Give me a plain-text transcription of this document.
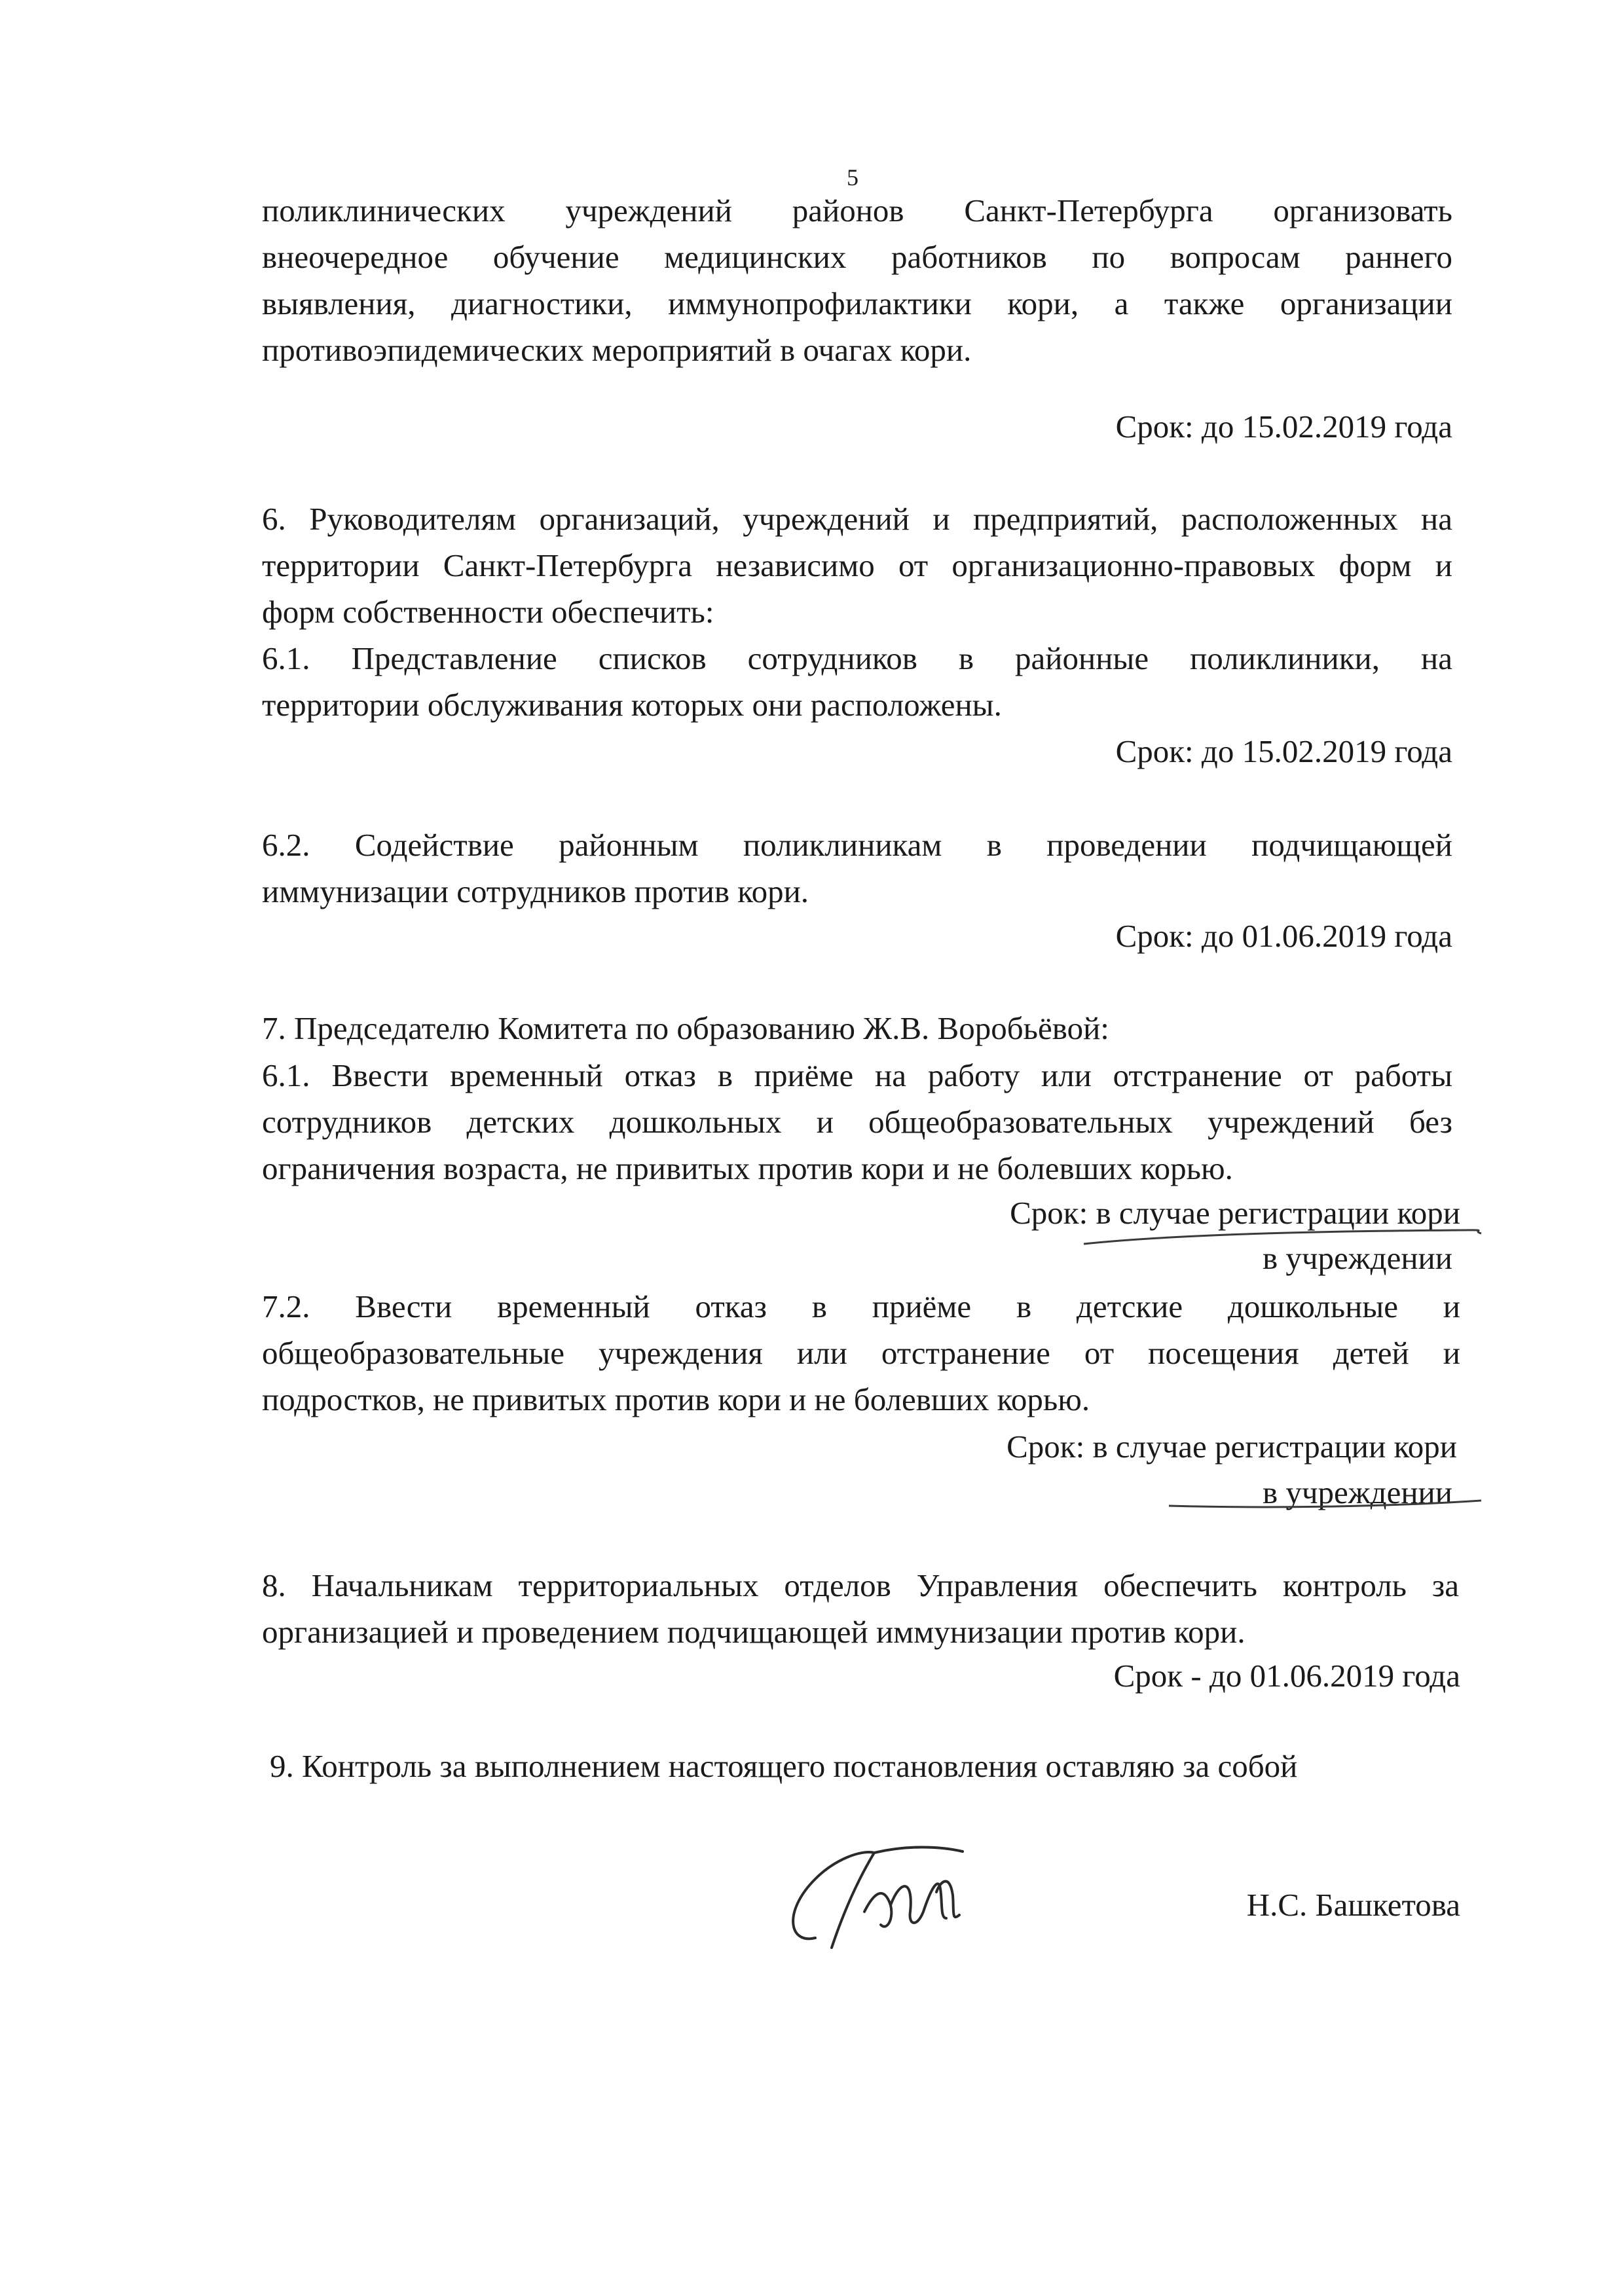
5
поликлинических учреждений районов Санкт-Петербурга организовать
внеочередное обучение медицинских работников по вопросам раннего
выявления, диагностики, иммунопрофилактики кори, а также организации
противоэпидемических мероприятий в очагах кори.
Срок: до 15.02.2019 года
6. Руководителям организаций, учреждений и предприятий, расположенных на
территории Санкт-Петербурга независимо от организационно-правовых форм и
форм собственности обеспечить:
6.1. Представление списков сотрудников в районные поликлиники, на
территории обслуживания которых они расположены.
Срок: до 15.02.2019 года
6.2. Содействие районным поликлиникам в проведении подчищающей
иммунизации сотрудников против кори.
Срок: до 01.06.2019 года
7. Председателю Комитета по образованию Ж.В. Воробьёвой:
6.1. Ввести временный отказ в приёме на работу или отстранение от работы
сотрудников детских дошкольных и общеобразовательных учреждений без
ограничения возраста, не привитых против кори и не болевших корью.
Срок: в случае регистрации кори
в учреждении
7.2. Ввести временный отказ в приёме в детские дошкольные и
общеобразовательные учреждения или отстранение от посещения детей и
подростков, не привитых против кори и не болевших корью.
Срок: в случае регистрации кори
в учреждении
8. Начальникам территориальных отделов Управления обеспечить контроль за
организацией и проведением подчищающей иммунизации против кори.
Срок - до 01.06.2019 года
9. Контроль за выполнением настоящего постановления оставляю за собой
Н.С. Башкетова
